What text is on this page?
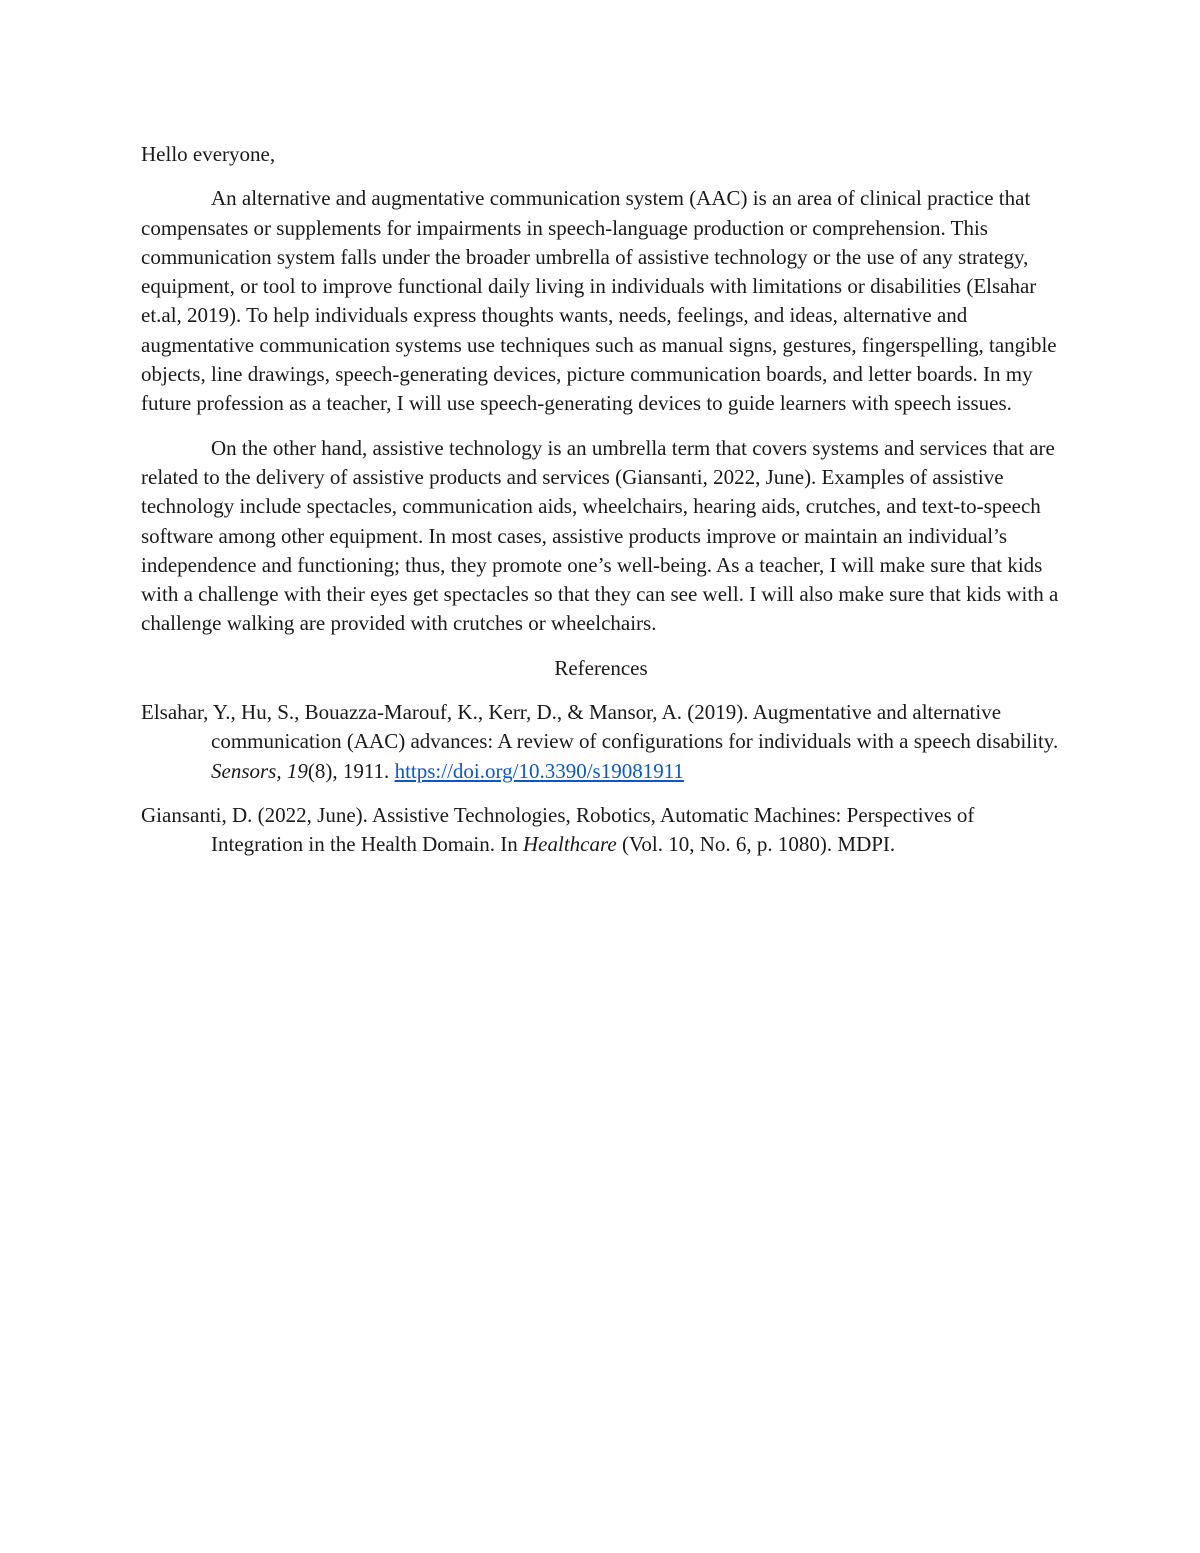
Hello everyone,

An alternative and augmentative communication system (AAC) is an area of clinical practice that compensates or supplements for impairments in speech-language production or comprehension. This communication system falls under the broader umbrella of assistive technology or the use of any strategy, equipment, or tool to improve functional daily living in individuals with limitations or disabilities (Elsahar et.al, 2019). To help individuals express thoughts wants, needs, feelings, and ideas, alternative and augmentative communication systems use techniques such as manual signs, gestures, fingerspelling, tangible objects, line drawings, speech-generating devices, picture communication boards, and letter boards. In my future profession as a teacher, I will use speech-generating devices to guide learners with speech issues.

On the other hand, assistive technology is an umbrella term that covers systems and services that are related to the delivery of assistive products and services (Giansanti, 2022, June). Examples of assistive technology include spectacles, communication aids, wheelchairs, hearing aids, crutches, and text-to-speech software among other equipment. In most cases, assistive products improve or maintain an individual’s independence and functioning; thus, they promote one’s well-being. As a teacher, I will make sure that kids with a challenge with their eyes get spectacles so that they can see well. I will also make sure that kids with a challenge walking are provided with crutches or wheelchairs.

References

Elsahar, Y., Hu, S., Bouazza-Marouf, K., Kerr, D., & Mansor, A. (2019). Augmentative and alternative communication (AAC) advances: A review of configurations for individuals with a speech disability. Sensors, 19(8), 1911. https://doi.org/10.3390/s19081911

Giansanti, D. (2022, June). Assistive Technologies, Robotics, Automatic Machines: Perspectives of Integration in the Health Domain. In Healthcare (Vol. 10, No. 6, p. 1080). MDPI.
